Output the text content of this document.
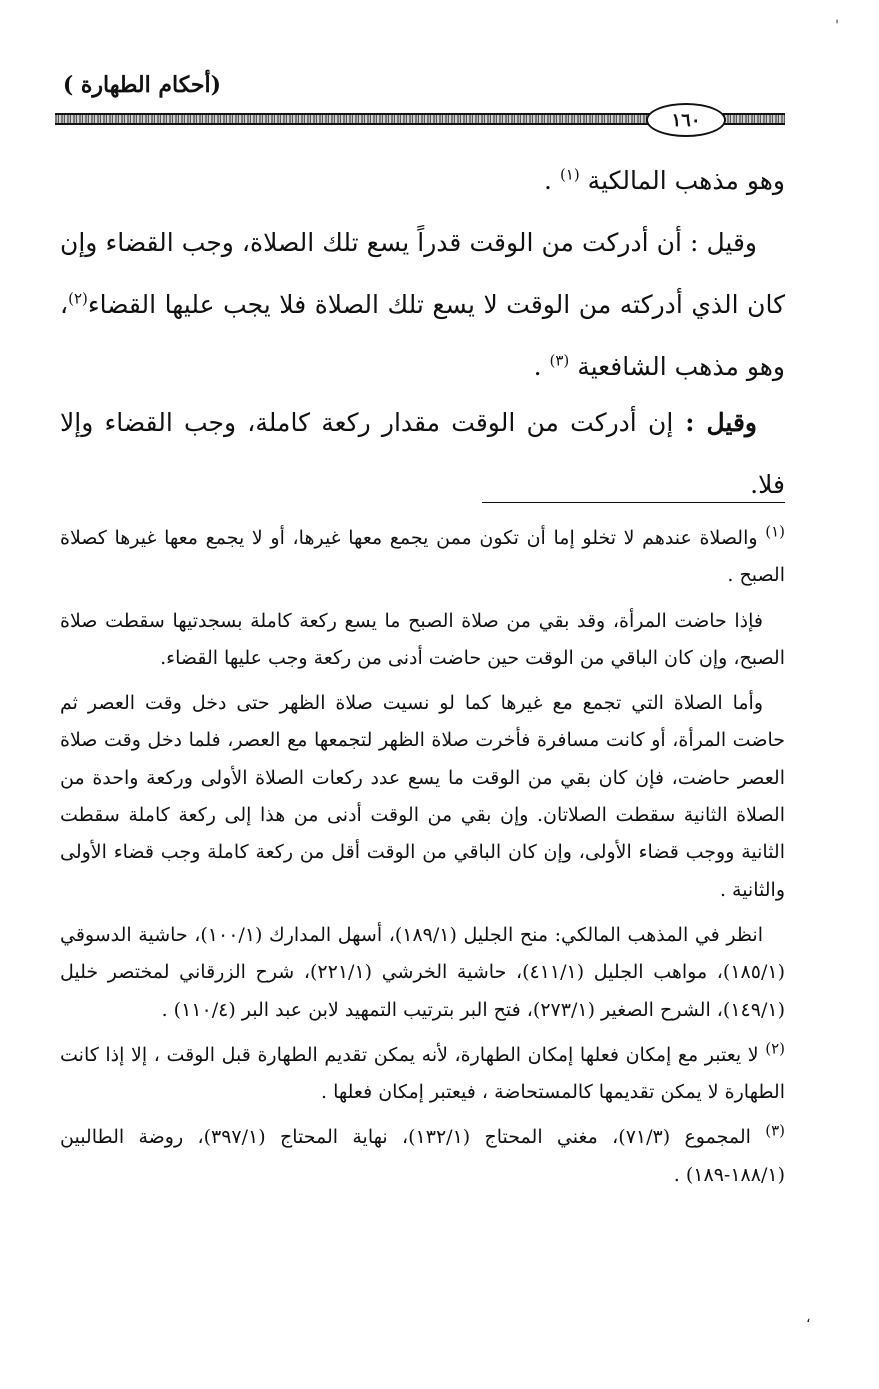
'
(أحكام الطهارة )
١٦٠

وهو مذهب المالكية $^{(١)}$ .

وقيل : أن أدركت من الوقت قدراً يسع تلك الصلاة، وجب القضاء وإن كان الذي أدركته من الوقت لا يسع تلك الصلاة فلا يجب عليها القضاء$^{(٢)}$، وهو مذهب الشافعية $^{(٣)}$ .

وقيل : إن أدركت من الوقت مقدار ركعة كاملة، وجب القضاء وإلا فلا.

$^{(١)}$ والصلاة عندهم لا تخلو إما أن تكون ممن يجمع معها غيرها، أو لا يجمع معها غيرها كصلاة الصبح .

فإذا حاضت المرأة، وقد بقي من صلاة الصبح ما يسع ركعة كاملة بسجدتيها سقطت صلاة الصبح، وإن كان الباقي من الوقت حين حاضت أدنى من ركعة وجب عليها القضاء.

وأما الصلاة التي تجمع مع غيرها كما لو نسيت صلاة الظهر حتى دخل وقت العصر ثم حاضت المرأة، أو كانت مسافرة فأخرت صلاة الظهر لتجمعها مع العصر، فلما دخل وقت صلاة العصر حاضت، فإن كان بقي من الوقت ما يسع عدد ركعات الصلاة الأولى وركعة واحدة من الصلاة الثانية سقطت الصلاتان. وإن بقي من الوقت أدنى من هذا إلى ركعة كاملة سقطت الثانية ووجب قضاء الأولى، وإن كان الباقي من الوقت أقل من ركعة كاملة وجب قضاء الأولى والثانية .

انظر في المذهب المالكي: منح الجليل (١٨٩/١)، أسهل المدارك (١٠٠/١)، حاشية الدسوقي (١٨٥/١)، مواهب الجليل (٤١١/١)، حاشية الخرشي (٢٢١/١)، شرح الزرقاني لمختصر خليل (١٤٩/١)، الشرح الصغير (٢٧٣/١)، فتح البر بترتيب التمهيد لابن عبد البر (١١٠/٤) .

$^{(٢)}$ لا يعتبر مع إمكان فعلها إمكان الطهارة، لأنه يمكن تقديم الطهارة قبل الوقت ، إلا إذا كانت الطهارة لا يمكن تقديمها كالمستحاضة ، فيعتبر إمكان فعلها .

$^{(٣)}$ المجموع (٧١/٣)، مغني المحتاج (١٣٢/١)، نهاية المحتاج (٣٩٧/١)، روضة الطالبين (١٨٨/١-١٨٩) .

،
